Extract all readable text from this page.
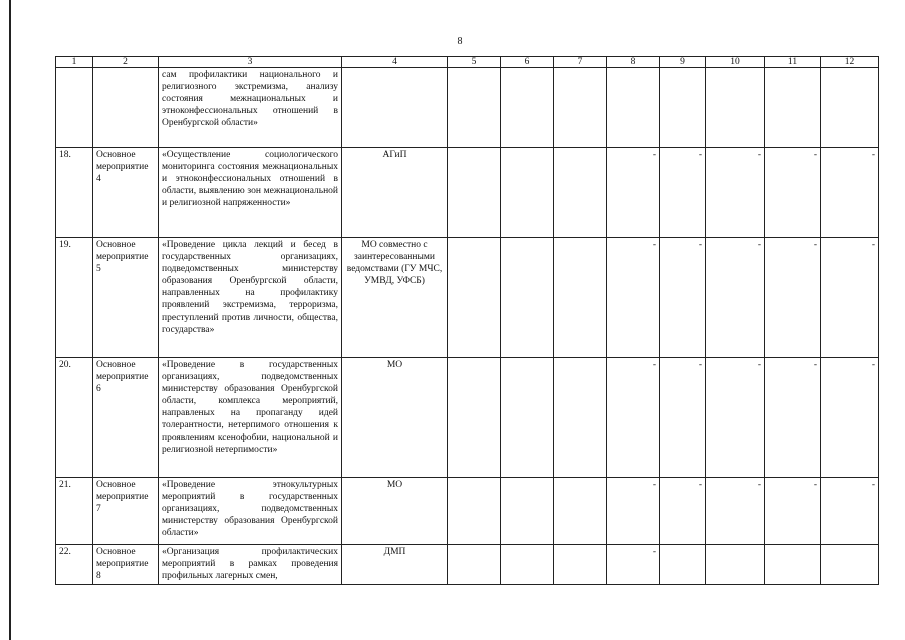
8
1	2	3	4	5	6	7	8	9	10	11	12
		сам профилактики национального и религиозного экстремизма, анализу состояния межнациональных и этноконфессиональных отношений в Оренбургской области»									
18.	Основное мероприятие 4	«Осуществление социологического мониторинга состояния межнациональных и этноконфессиональных отношений в области, выявлению зон межнациональной и религиозной напряженности»	АГиП				-	-	-	-	-
19.	Основное мероприятие 5	«Проведение цикла лекций и бесед в государственных организациях, подведомственных министерству образования Оренбургской области, направленных на профилактику проявлений экстремизма, терроризма, преступлений против личности, общества, государства»	МО совместно с заинтересованными ведомствами (ГУ МЧС, УМВД, УФСБ)				-	-	-	-	-
20.	Основное мероприятие 6	«Проведение в государственных организациях, подведомственных министерству образования Оренбургской области, комплекса мероприятий, направленых на пропаганду идей толерантности, нетерпимого отношения к проявлениям ксенофобии, национальной и религиозной нетерпимости»	МО				-	-	-	-	-
21.	Основное мероприятие 7	«Проведение этнокультурных мероприятий в государственных организациях, подведомственных министерству образования Оренбургской области»	МО				-	-	-	-	-
22.	Основное мероприятие 8	«Организация профилактических мероприятий в рамках проведения профильных лагерных смен,	ДМП				-				
